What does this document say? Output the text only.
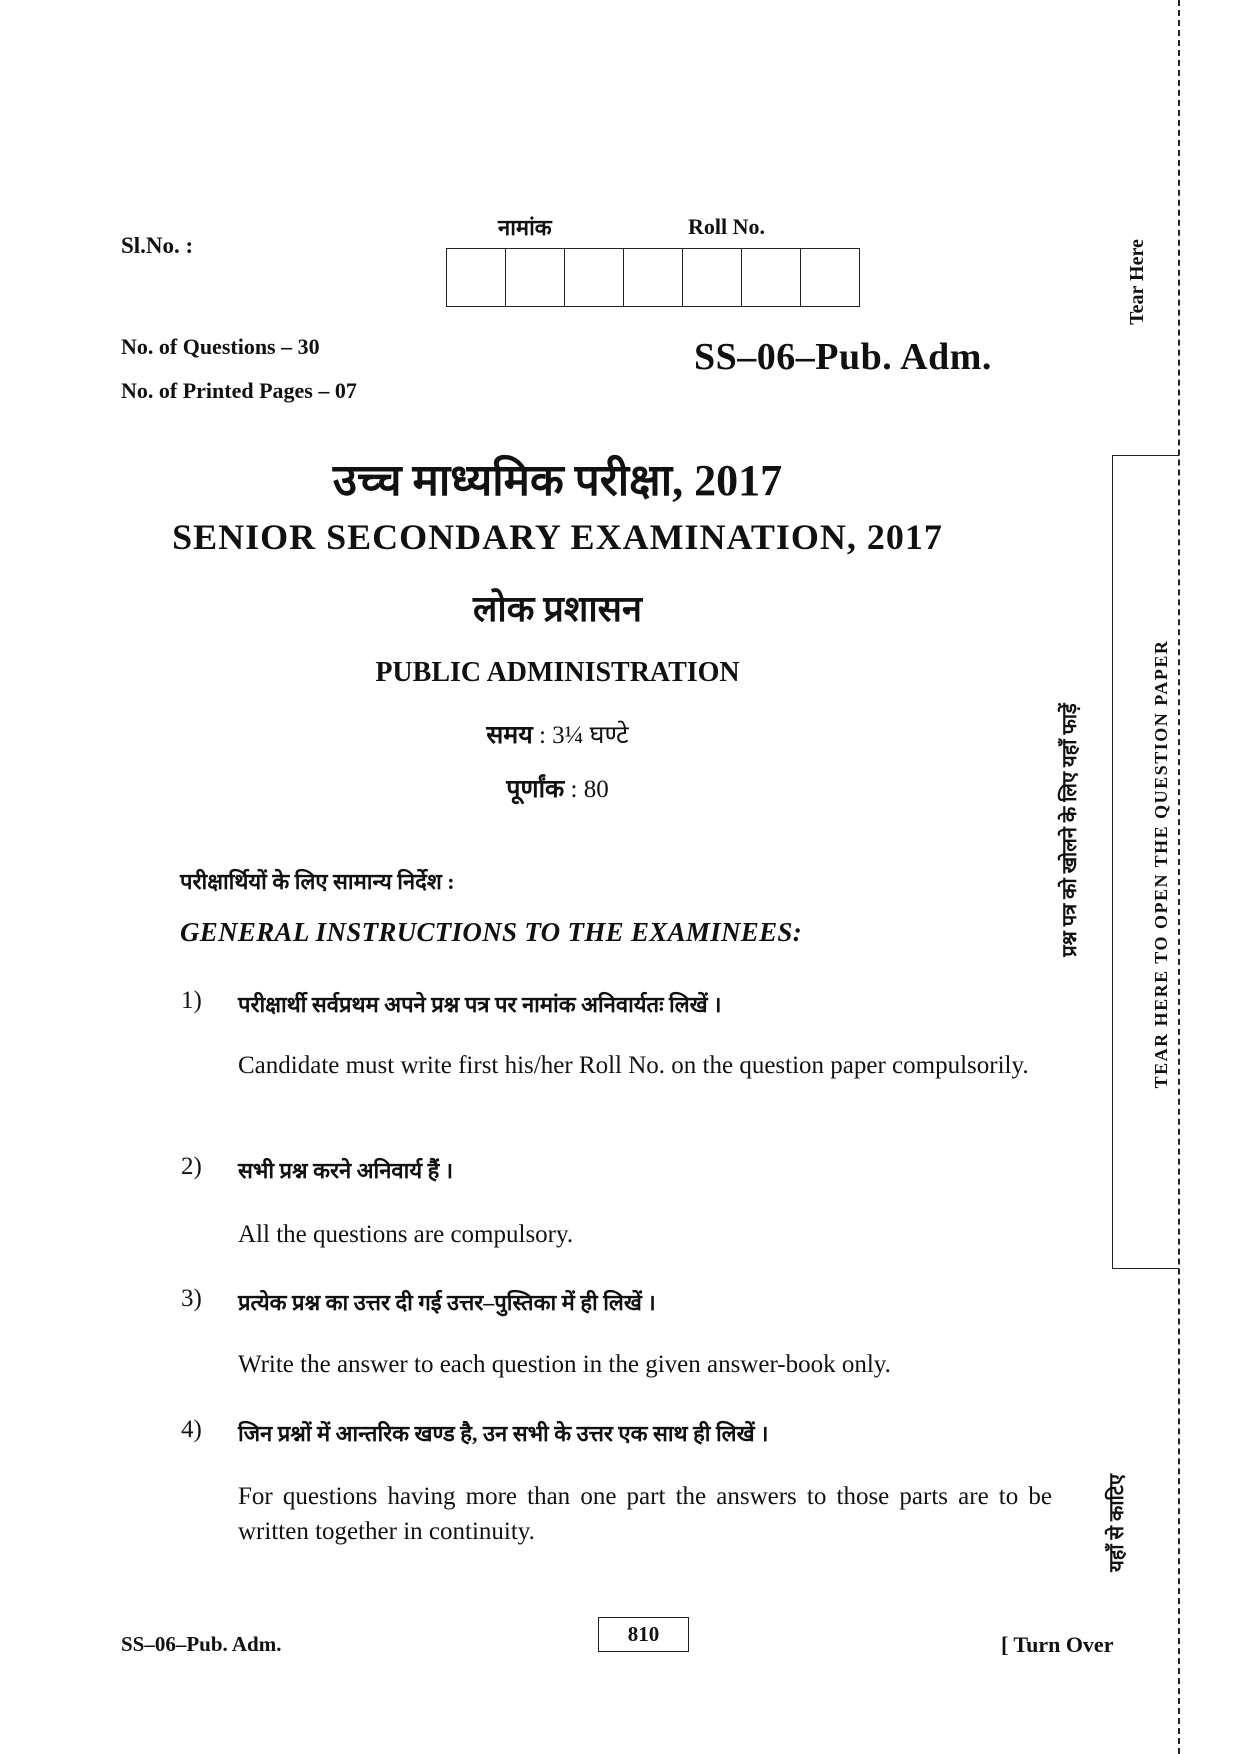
Sl.No. :
नामांक	Roll No.
No. of Questions – 30
No. of Printed Pages – 07
SS–06–Pub. Adm.
उच्च माध्यमिक परीक्षा, 2017
SENIOR SECONDARY EXAMINATION, 2017
लोक प्रशासन
PUBLIC ADMINISTRATION
समय : 3¼ घण्टे
पूर्णांक : 80
परीक्षार्थियों के लिए सामान्य निर्देश :
GENERAL INSTRUCTIONS TO THE EXAMINEES:
1) परीक्षार्थी सर्वप्रथम अपने प्रश्न पत्र पर नामांक अनिवार्यतः लिखें ।
Candidate must write first his/her Roll No. on the question paper compulsorily.
2) सभी प्रश्न करने अनिवार्य हैं ।
All the questions are compulsory.
3) प्रत्येक प्रश्न का उत्तर दी गई उत्तर–पुस्तिका में ही लिखें ।
Write the answer to each question in the given answer-book only.
4) जिन प्रश्नों में आन्तरिक खण्ड है, उन सभी के उत्तर एक साथ ही लिखें ।
For questions having more than one part the answers to those parts are to be written together in continuity.
SS–06–Pub. Adm.	810	[ Turn Over
Tear Here
प्रश्न पत्र को खोलने के लिए यहाँ फाड़ें	TEAR HERE TO OPEN THE QUESTION PAPER
यहाँ से काटिए
